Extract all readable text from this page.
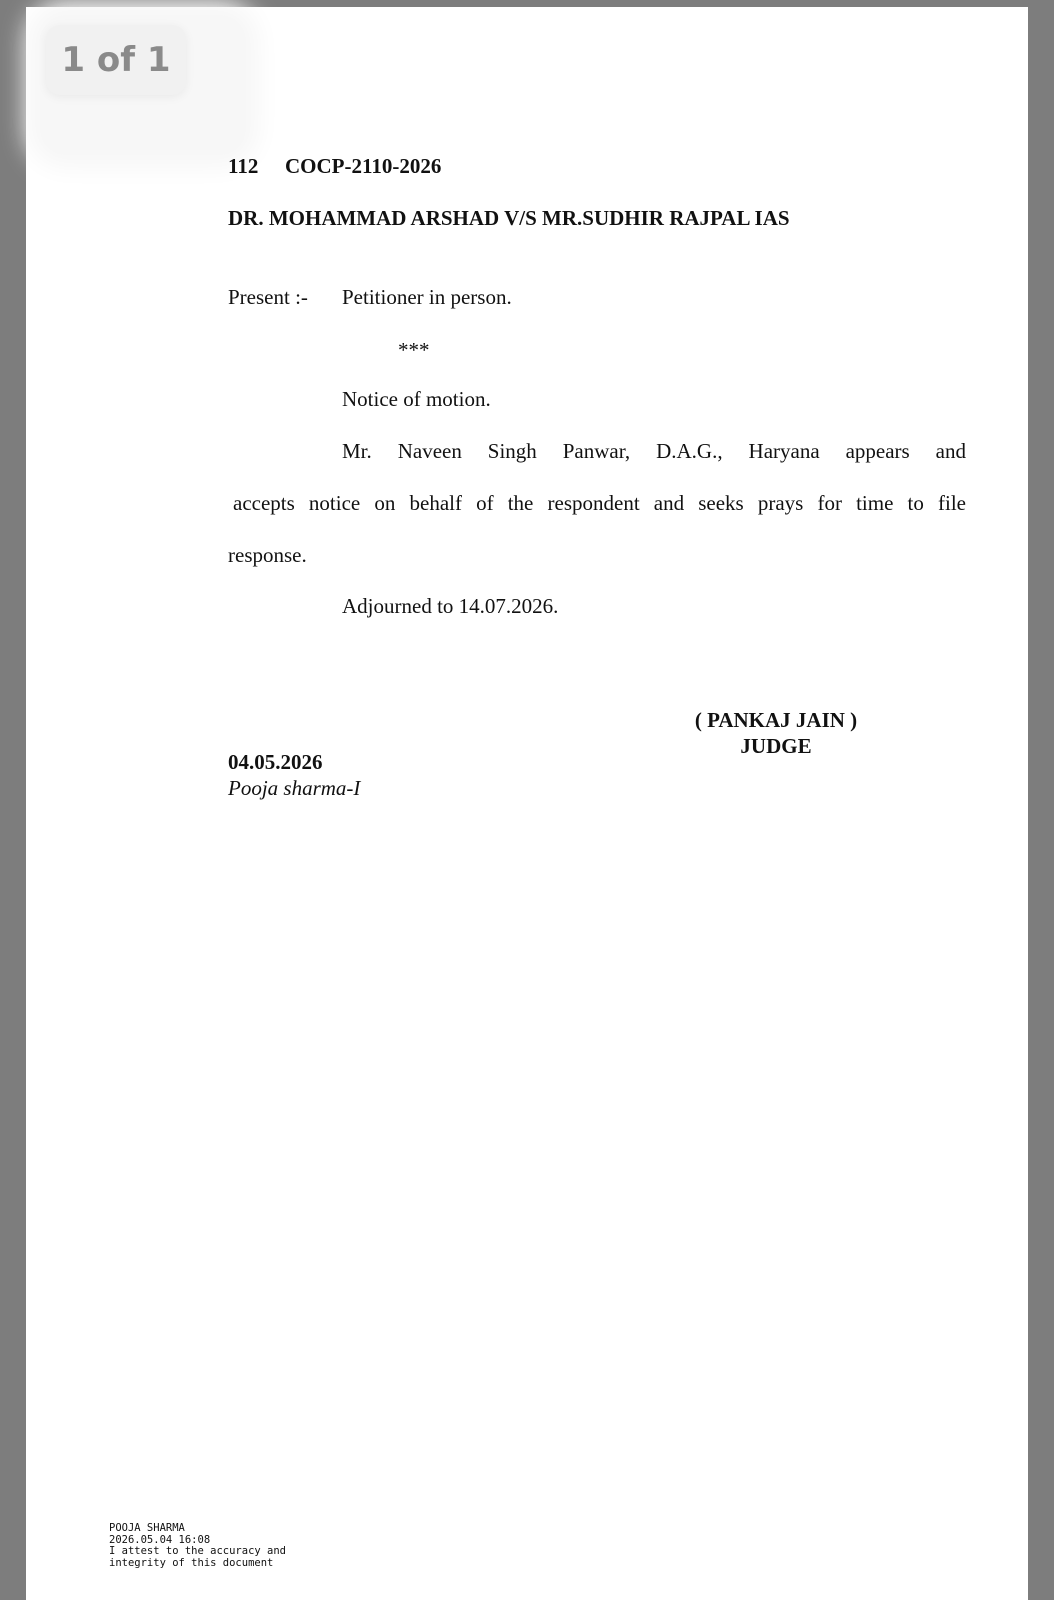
1 of 1
112 COCP-2110-2026
DR. MOHAMMAD ARSHAD V/S MR.SUDHIR RAJPAL IAS
Present :- Petitioner in person.
***
Notice of motion.
Mr. Naveen Singh Panwar, D.A.G., Haryana appears and
accepts notice on behalf of the respondent and seeks prays for time to file
response.
Adjourned to 14.07.2026.
( PANKAJ JAIN )
JUDGE
04.05.2026
Pooja sharma-I
POOJA SHARMA
2026.05.04 16:08
I attest to the accuracy and
integrity of this document
